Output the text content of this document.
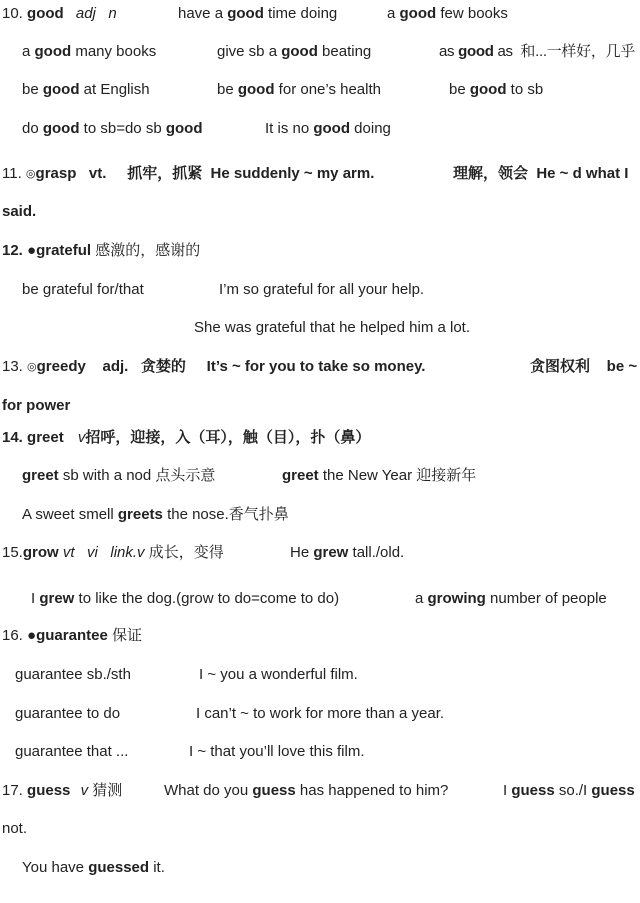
10. good adj   n	have a good time doing	a good few books
a good many books	give sb a good beating	as good as  和...一样好，几乎
be good at English	be good for one’s health	be good to sb
do good to sb=do sb good	It is no good doing
11. ◎grasp   vt.     抓牢，抓紧  He suddenly ~ my arm.	理解，领会  He ~ d what I
said.
12. ●grateful 感激的，感谢的
be grateful for/that	I’m so grateful for all your help.
She was grateful that he helped him a lot.
13. ◎greedy    adj.   贪婪的     It’s ~ for you to take so money.	贪图权利    be ~
for power
14. greet v招呼，迎接，入（耳），触（目），扑（鼻）
greet sb with a nod 点头示意	greet the New Year 迎接新年
A sweet smell greets the nose.香气扑鼻
15.grow vt   vi   link.v 成长，变得	He grew tall./old.
I grew to like the dog.(grow to do=come to do)	a growing number of people
16. ●guarantee 保证
guarantee sb./sth	I ~ you a wonderful film.
guarantee to do	I can’t ~ to work for more than a year.
guarantee that ...	I ~ that you’ll love this film.
17. guess v 猜测	What do you guess has happened to him?	I guess so./I guess
not.
You have guessed it.
